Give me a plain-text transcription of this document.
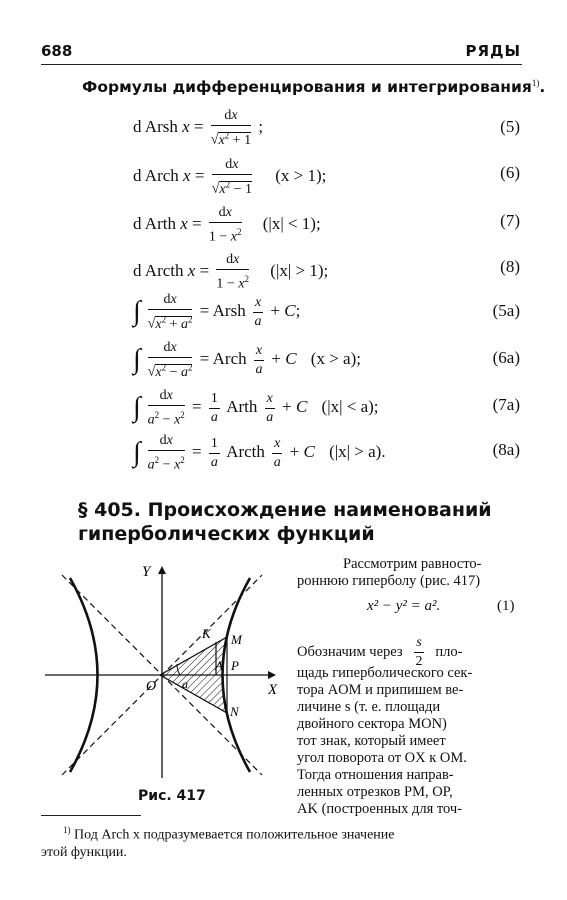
688	РЯДЫ
Формулы дифференцирования и интегрирования$^{1)}$.
d Arsh $x = \frac{dx}{√x^2 + 1}$ ;	(5)
d Arch $x = \frac{dx}{√x^2 - 1} (x > 1)$;	(6)
d Arth $x = \frac{dx}{1 - x^2} (|x| < 1)$;	(7)
d Arcth $x = \frac{dx}{1 - x^2} (|x| > 1)$;	(8)
∫ $\frac{dx}{√x^2 + a^2}$ = Arsh $\frac{x}{a} + C$;	(5a)
∫ $\frac{dx}{√x^2 - a^2}$ = Arch $\frac{x}{a} + C$ (x > a);	(6a)
∫ $\frac{dx}{a^2 - x^2} = \frac{1}{a}$ Arth $\frac{x}{a} + C$ (|x| < a);	(7a)
∫ $\frac{dx}{a^2 - x^2} = \frac{1}{a}$ Arcth $\frac{x}{a} + C$ (|x| > a).	(8a)
§ 405. Происхождение наименований
гиперболических функций
Y
X
O a
K M
A P
N
Рис. 417
Рассмотрим равносто-
роннюю гиперболу (рис. 417)
x² − y² = a².	(1)
Обозначим через $\frac{s}{2} пло-$
щадь гиперболического сек-
тора AOM и припишем ве-
личине s (т. е. площади
двойного сектора MON)
тот знак, который имеет
угол поворота от OX к OM.
Тогда отношения направ-
ленных отрезков PM, OP,
AK (построенных для точ-
$^{1)}$ Под Arch x подразумевается положительное значение
этой функции.
